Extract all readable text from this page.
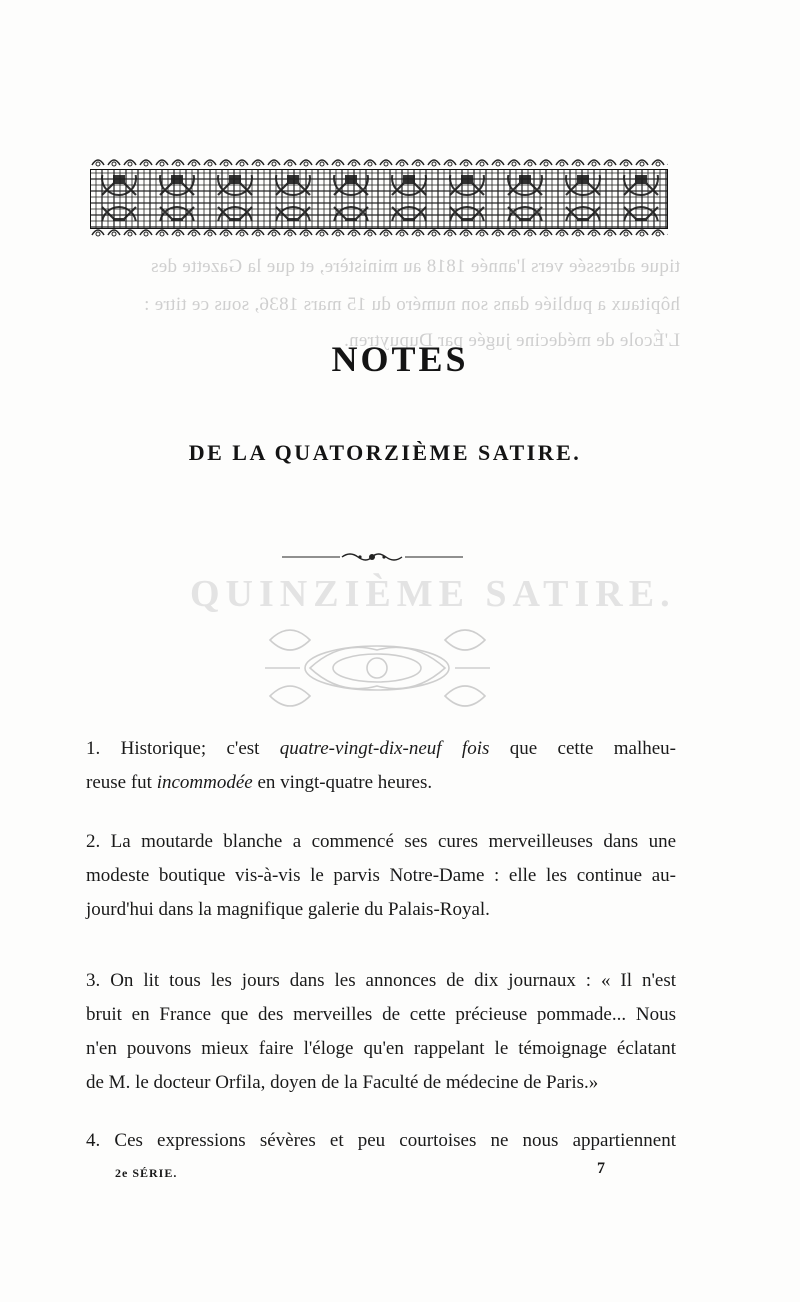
tique adressée vers l'année 1818 au ministère, et que la Gazette des
hôpitaux a publiée dans son numéro du 15 mars 1836, sous ce titre :
L'École de médecine jugée par Dupuytren.
QUINZIÈME SATIRE.
NOTES
DE LA QUATORZIÈME SATIRE.
1. Historique; c'est quatre-vingt-dix-neuf fois que cette malheu-
reuse fut incommodée en vingt-quatre heures.
2. La moutarde blanche a commencé ses cures merveilleuses dans une
modeste boutique vis-à-vis le parvis Notre-Dame : elle les continue au-
jourd'hui dans la magnifique galerie du Palais-Royal.
3. On lit tous les jours dans les annonces de dix journaux : « Il n'est
bruit en France que des merveilles de cette précieuse pommade... Nous
n'en pouvons mieux faire l'éloge qu'en rappelant le témoignage éclatant
de M. le docteur Orfila, doyen de la Faculté de médecine de Paris.»
4. Ces expressions sévères et peu courtoises ne nous appartiennent
2e SÉRIE.	7
